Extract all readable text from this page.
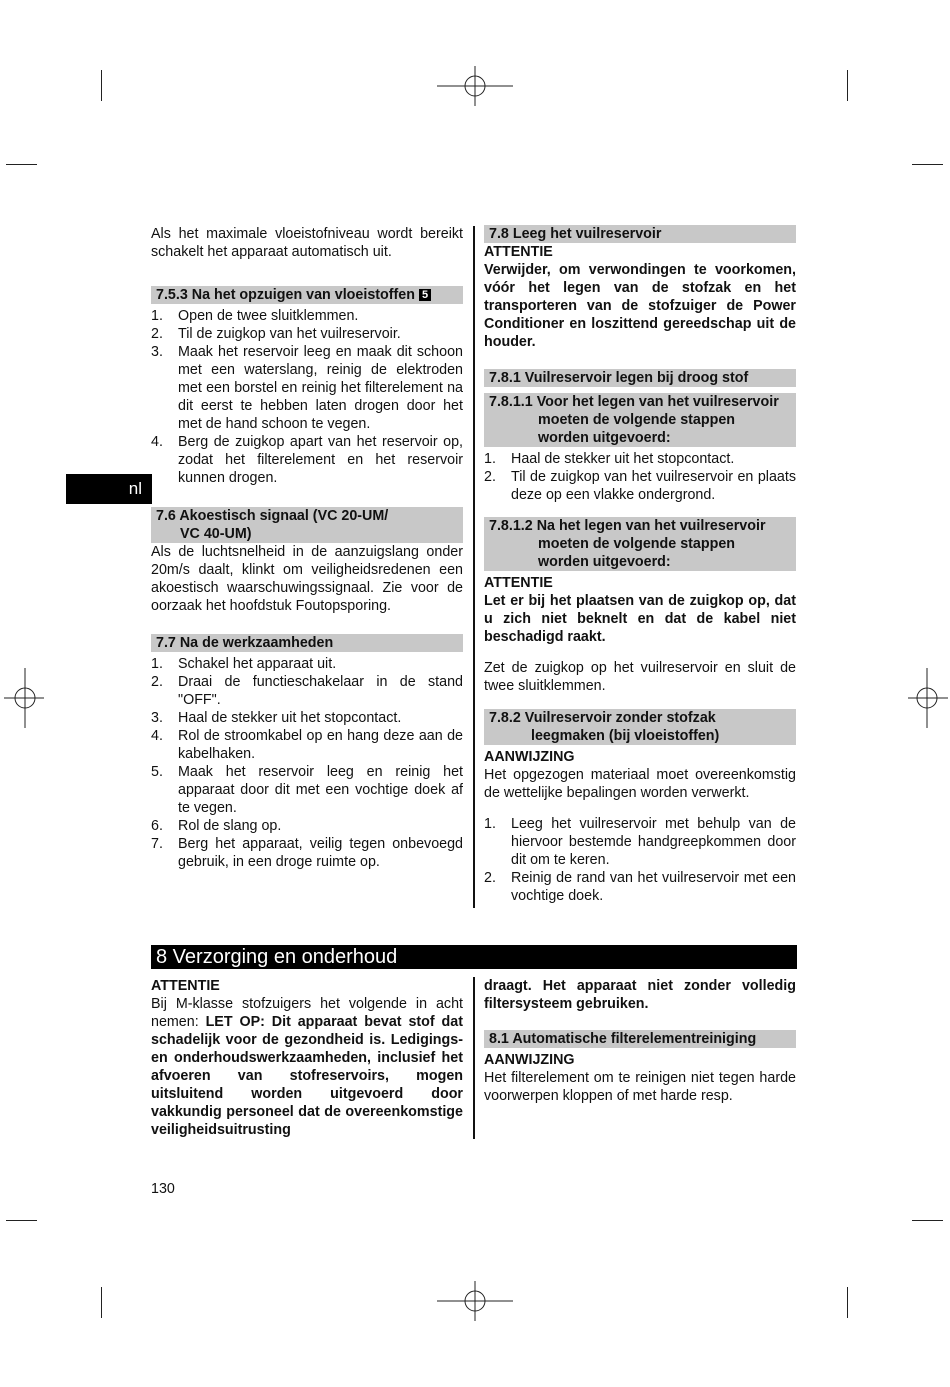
nl

Als het maximale vloeistofniveau wordt bereikt schakelt het apparaat automatisch uit.

7.5.3 Na het opzuigen van vloeistoffen 5
1. Open de twee sluitklemmen.
2. Til de zuigkop van het vuilreservoir.
3. Maak het reservoir leeg en maak dit schoon met een waterslang, reinig de elektroden met een borstel en reinig het filterelement na dit eerst te hebben laten drogen door het met de hand schoon te vegen.
4. Berg de zuigkop apart van het reservoir op, zodat het filterelement en het reservoir kunnen drogen.
7.6 Akoestisch signaal (VC 20-UM/
VC 40-UM)

Als de luchtsnelheid in de aanzuigslang onder 20m/s daalt, klinkt om veiligheidsredenen een akoestisch waarschuwingssignaal. Zie voor de oorzaak het hoofdstuk Foutopsporing.

7.7 Na de werkzaamheden
1. Schakel het apparaat uit.
2. Draai de functieschakelaar in de stand "OFF".
3. Haal de stekker uit het stopcontact.
4. Rol de stroomkabel op en hang deze aan de kabelhaken.
5. Maak het reservoir leeg en reinig het apparaat door dit met een vochtige doek af te vegen.
6. Rol de slang op.
7. Berg het apparaat, veilig tegen onbevoegd gebruik, in een droge ruimte op.
7.8 Leeg het vuilreservoir

ATTENTIE

Verwijder, om verwondingen te voorkomen, vóór het legen van de stofzak en het transporteren van de stofzuiger de Power Conditioner en loszittend gereedschap uit de houder.

7.8.1 Vuilreservoir legen bij droog stof
7.8.1.1 Voor het legen van het vuilreservoir
moeten de volgende stappen
worden uitgevoerd:
1. Haal de stekker uit het stopcontact.
2. Til de zuigkop van het vuilreservoir en plaats deze op een vlakke ondergrond.
7.8.1.2 Na het legen van het vuilreservoir
moeten de volgende stappen
worden uitgevoerd:

ATTENTIE

Let er bij het plaatsen van de zuigkop op, dat u zich niet beknelt en dat de kabel niet beschadigd raakt.

Zet de zuigkop op het vuilreservoir en sluit de twee sluitklemmen.

7.8.2 Vuilreservoir zonder stofzak
leegmaken (bij vloeistoffen)

AANWIJZING

Het opgezogen materiaal moet overeenkomstig de wettelijke bepalingen worden verwerkt.

1. Leeg het vuilreservoir met behulp van de hiervoor bestemde handgreepkommen door dit om te keren.
2. Reinig de rand van het vuilreservoir met een vochtige doek.
8 Verzorging en onderhoud

ATTENTIE

Bij M-klasse stofzuigers het volgende in acht nemen: LET OP: Dit apparaat bevat stof dat schadelijk voor de gezondheid is. Ledigings- en onderhoudswerkzaamheden, inclusief het afvoeren van stofreservoirs, mogen uitsluitend worden uitgevoerd door vakkundig personeel dat de overeenkomstige veiligheidsuitrusting

draagt. Het apparaat niet zonder volledig filtersysteem gebruiken.

8.1 Automatische filterelementreiniging

AANWIJZING

Het filterelement om te reinigen niet tegen harde voorwerpen kloppen of met harde resp.

130
